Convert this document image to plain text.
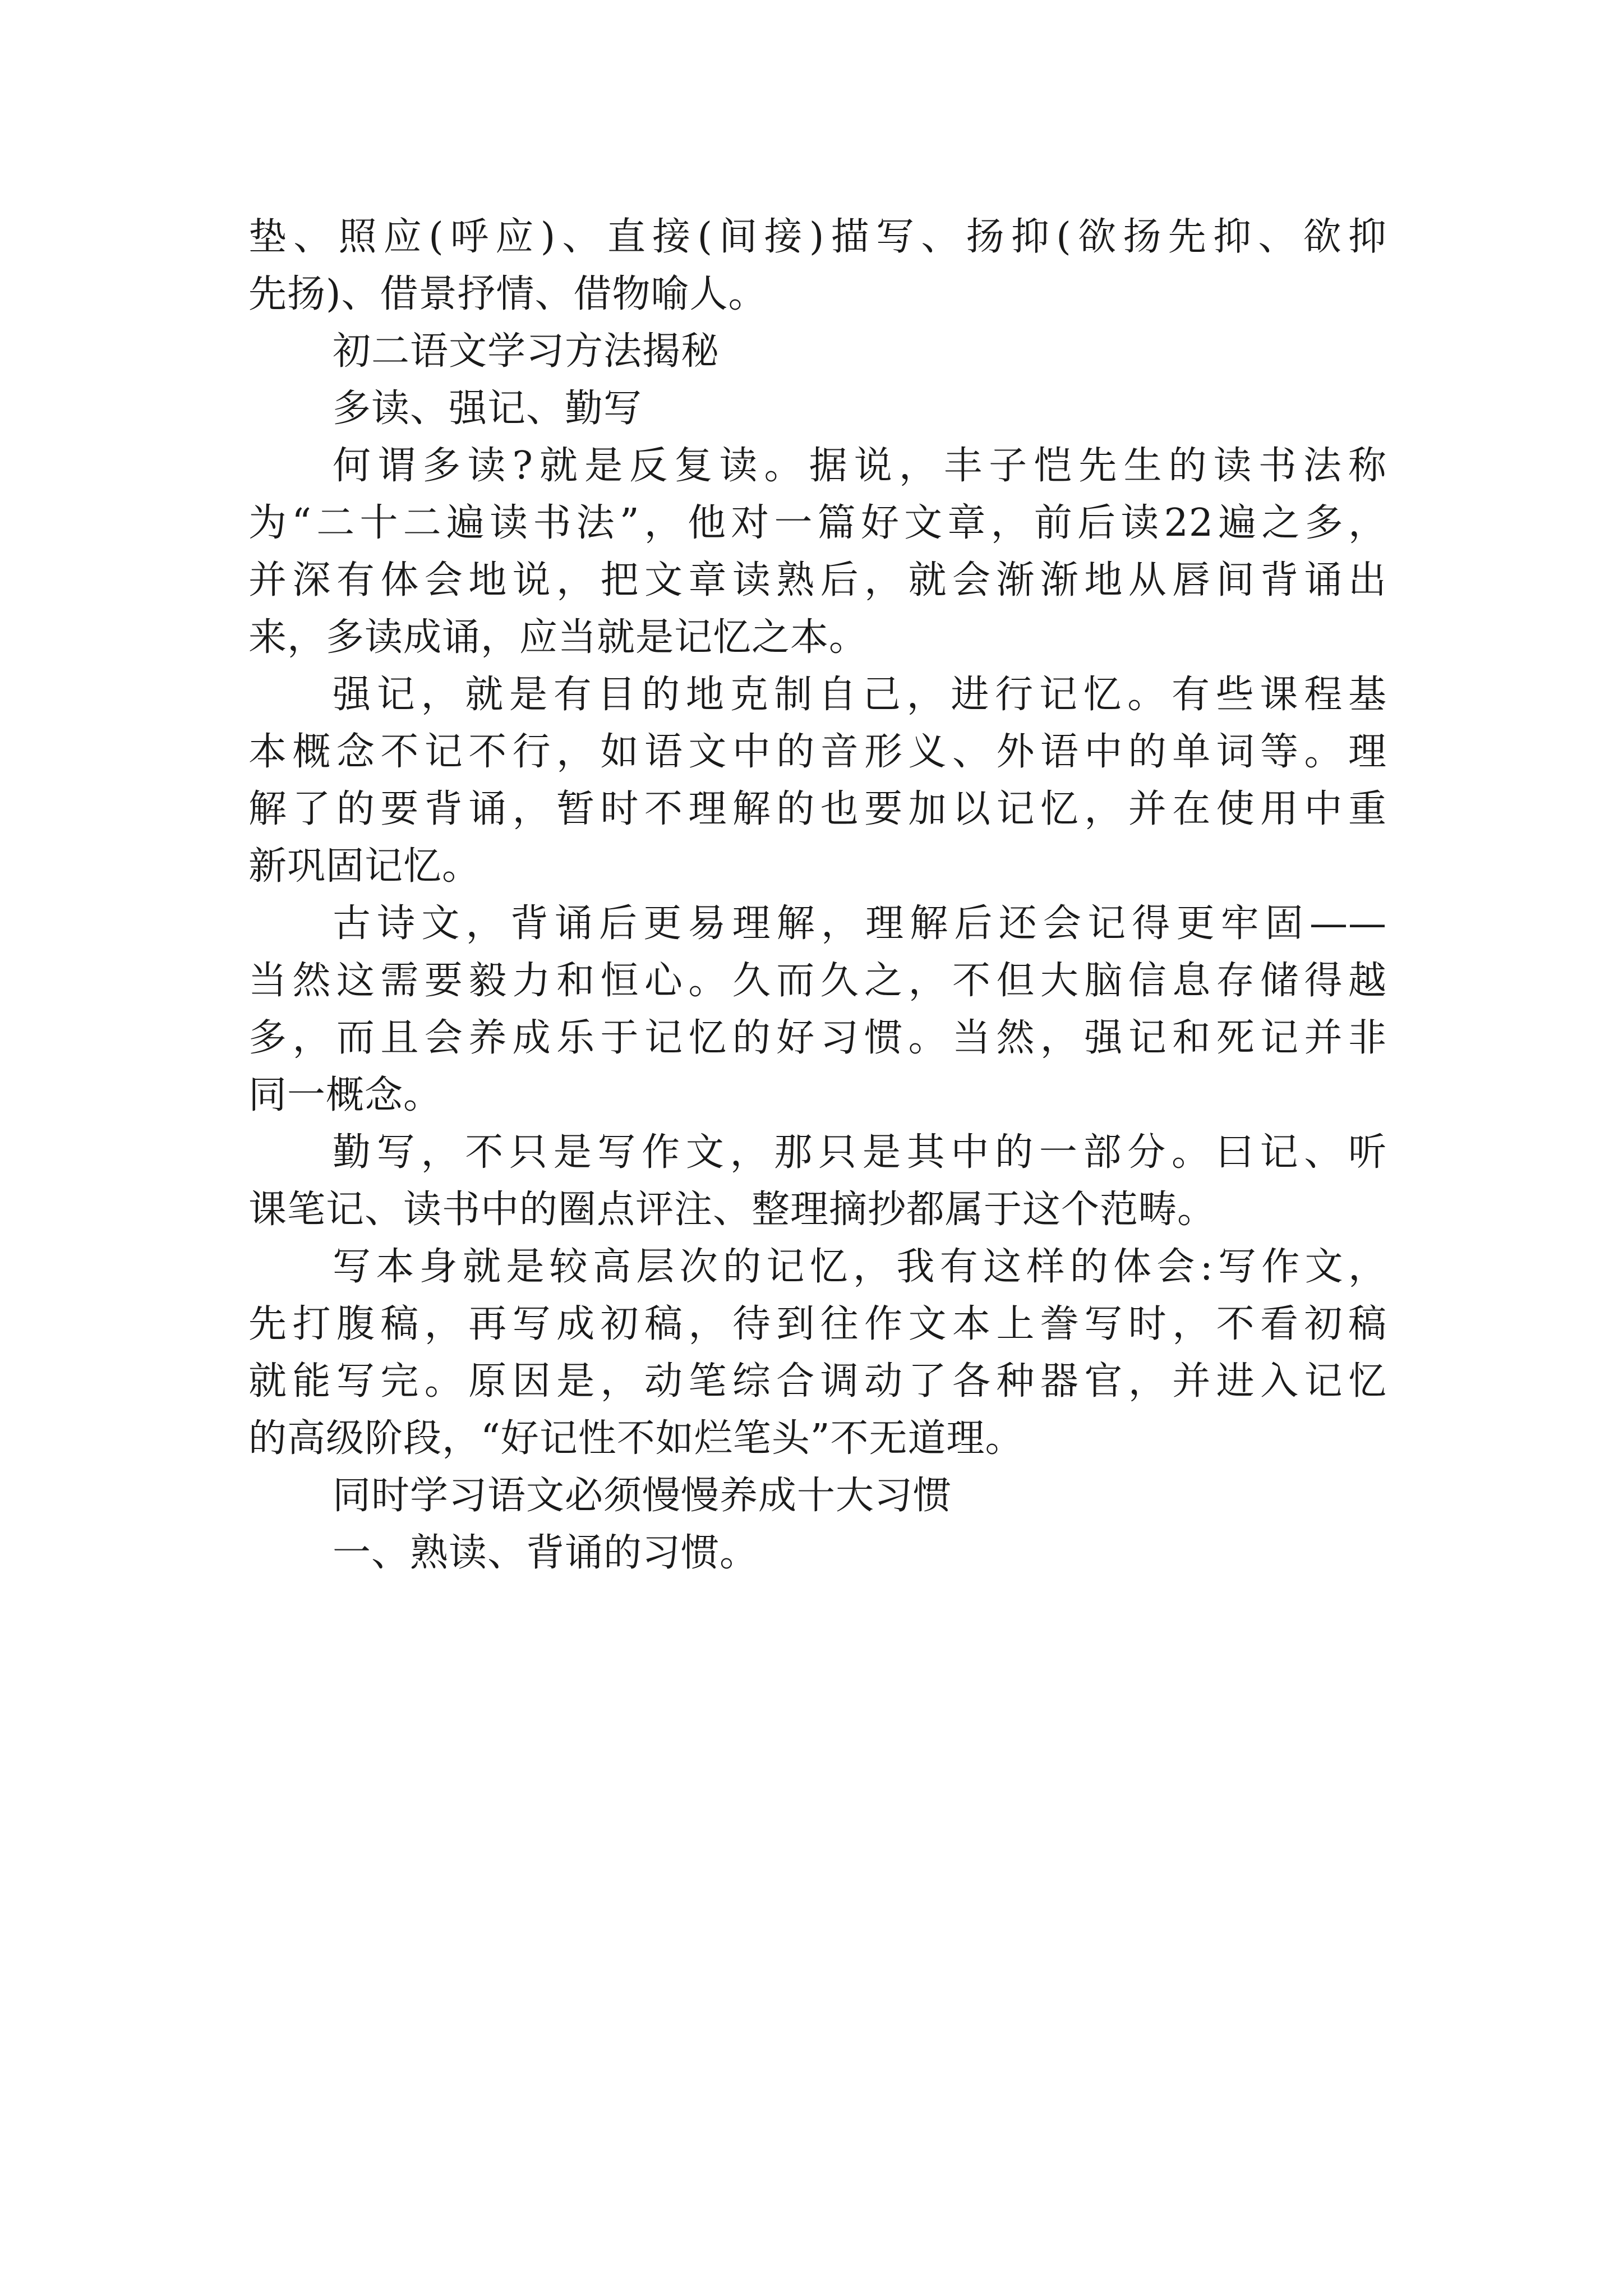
垫、照应(呼应)、直接(间接)描写、扬抑(欲扬先抑、欲抑
先扬)、借景抒情、借物喻人。

初二语文学习方法揭秘

多读、强记、勤写

何谓多读?就是反复读。据说，丰子恺先生的读书法称
为“二十二遍读书法”，他对一篇好文章，前后读22遍之多，
并深有体会地说，把文章读熟后，就会渐渐地从唇间背诵出
来，多读成诵，应当就是记忆之本。

强记，就是有目的地克制自己，进行记忆。有些课程基
本概念不记不行，如语文中的音形义、外语中的单词等。理
解了的要背诵，暂时不理解的也要加以记忆，并在使用中重
新巩固记忆。

古诗文，背诵后更易理解，理解后还会记得更牢固——
当然这需要毅力和恒心。久而久之，不但大脑信息存储得越
多，而且会养成乐于记忆的好习惯。当然，强记和死记并非
同一概念。

勤写，不只是写作文，那只是其中的一部分。曰记、听
课笔记、读书中的圈点评注、整理摘抄都属于这个范畴。

写本身就是较高层次的记忆，我有这样的体会:写作文，
先打腹稿，再写成初稿，待到往作文本上誊写时，不看初稿
就能写完。原因是，动笔综合调动了各种器官，并进入记忆
的高级阶段，“好记性不如烂笔头”不无道理。

同时学习语文必须慢慢养成十大习惯

一、熟读、背诵的习惯。
